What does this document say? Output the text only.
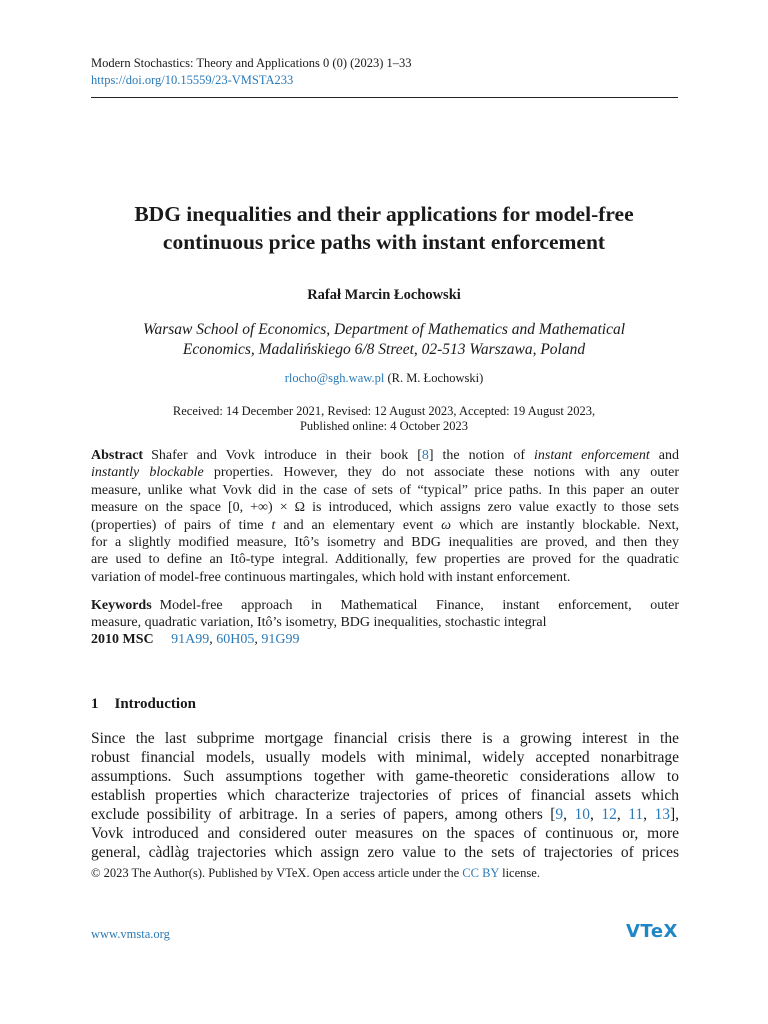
Modern Stochastics: Theory and Applications 0 (0) (2023) 1–33
https://doi.org/10.15559/23-VMSTA233
BDG inequalities and their applications for model-free
continuous price paths with instant enforcement
Rafał Marcin Łochowski
Warsaw School of Economics, Department of Mathematics and Mathematical
Economics, Madalińskiego 6/8 Street, 02-513 Warszawa, Poland
rlocho@sgh.waw.pl (R. M. Łochowski)
Received: 14 December 2021, Revised: 12 August 2023, Accepted: 19 August 2023,
Published online: 4 October 2023
Abstract Shafer and Vovk introduce in their book [8] the notion of instant enforcement and
instantly blockable properties. However, they do not associate these notions with any outer
measure, unlike what Vovk did in the case of sets of “typical” price paths. In this paper an outer
measure on the space [0, +∞) × Ω is introduced, which assigns zero value exactly to those sets
(properties) of pairs of time t and an elementary event ω which are instantly blockable. Next,
for a slightly modified measure, Itô’s isometry and BDG inequalities are proved, and then they
are used to define an Itô-type integral. Additionally, few properties are proved for the quadratic
variation of model-free continuous martingales, which hold with instant enforcement.
Keywords Model-free approach in Mathematical Finance, instant enforcement, outer
measure, quadratic variation, Itô’s isometry, BDG inequalities, stochastic integral
2010 MSC 91A99, 60H05, 91G99
1 Introduction
Since the last subprime mortgage financial crisis there is a growing interest in the
robust financial models, usually models with minimal, widely accepted nonarbitrage
assumptions. Such assumptions together with game-theoretic considerations allow to
establish properties which characterize trajectories of prices of financial assets which
exclude possibility of arbitrage. In a series of papers, among others [9, 10, 12, 11, 13],
Vovk introduced and considered outer measures on the spaces of continuous or, more
general, càdlàg trajectories which assign zero value to the sets of trajectories of prices
© 2023 The Author(s). Published by VTeX. Open access article under the CC BY license.
www.vmsta.org	VTeX
